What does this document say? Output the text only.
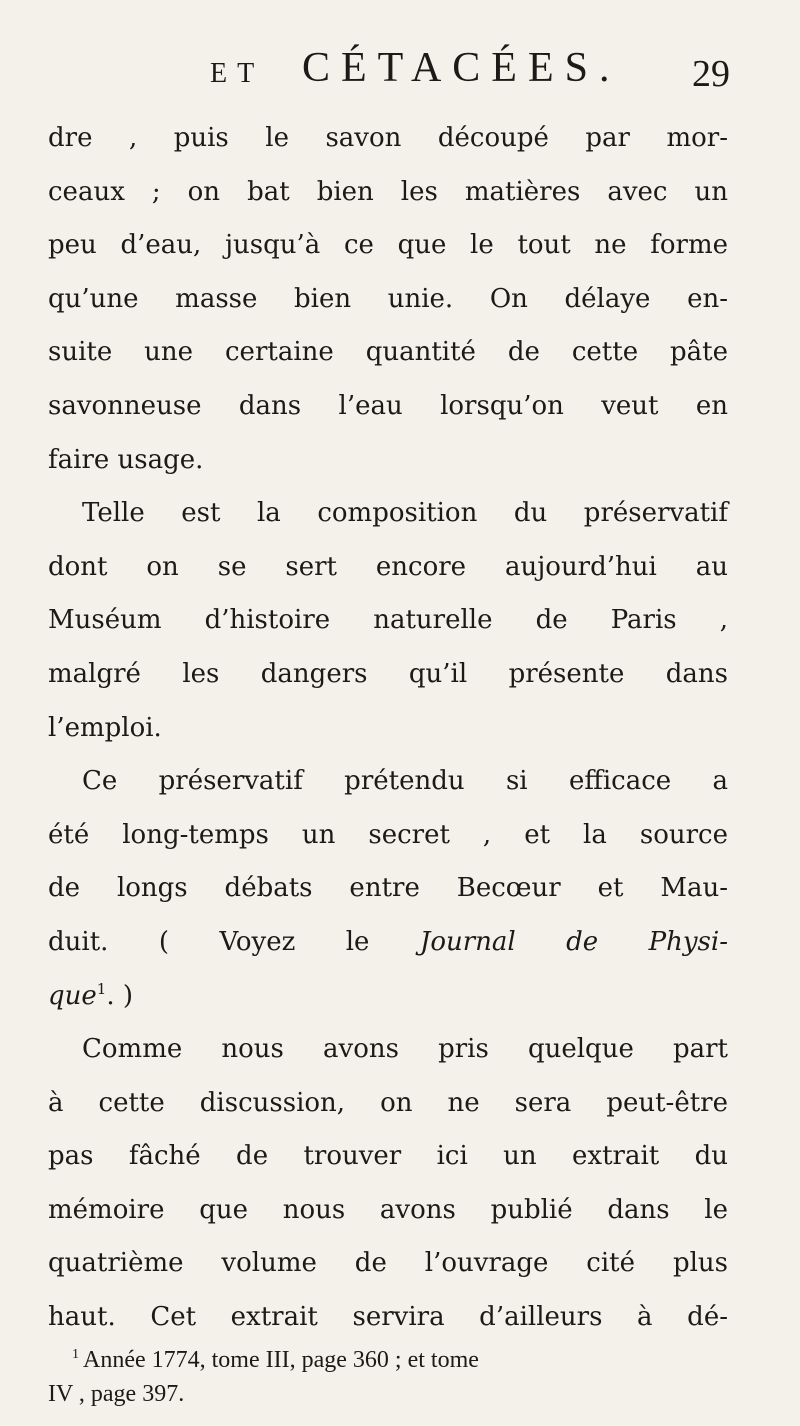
ET CÉTACÉES. 29
dre , puis le savon découpé par mor-
ceaux ; on bat bien les matières avec un
peu d’eau, jusqu’à ce que le tout ne forme
qu’une masse bien unie. On délaye en-
suite une certaine quantité de cette pâte
savonneuse dans l’eau lorsqu’on veut en
faire usage.
Telle est la composition du préservatif
dont on se sert encore aujourd’hui au
Muséum d’histoire naturelle de Paris ,
malgré les dangers qu’il présente dans
l’emploi.
Ce préservatif prétendu si efficace a
été long-temps un secret , et la source
de longs débats entre Becœur et Mau-
duit. ( Voyez le Journal de Physi-
que$^1$. )
Comme nous avons pris quelque part
à cette discussion, on ne sera peut-être
pas fâché de trouver ici un extrait du
mémoire que nous avons publié dans le
quatrième volume de l’ouvrage cité plus
haut. Cet extrait servira d’ailleurs à dé-
$^1$ Année 1774, tome III, page 360 ; et tome
IV , page 397.
